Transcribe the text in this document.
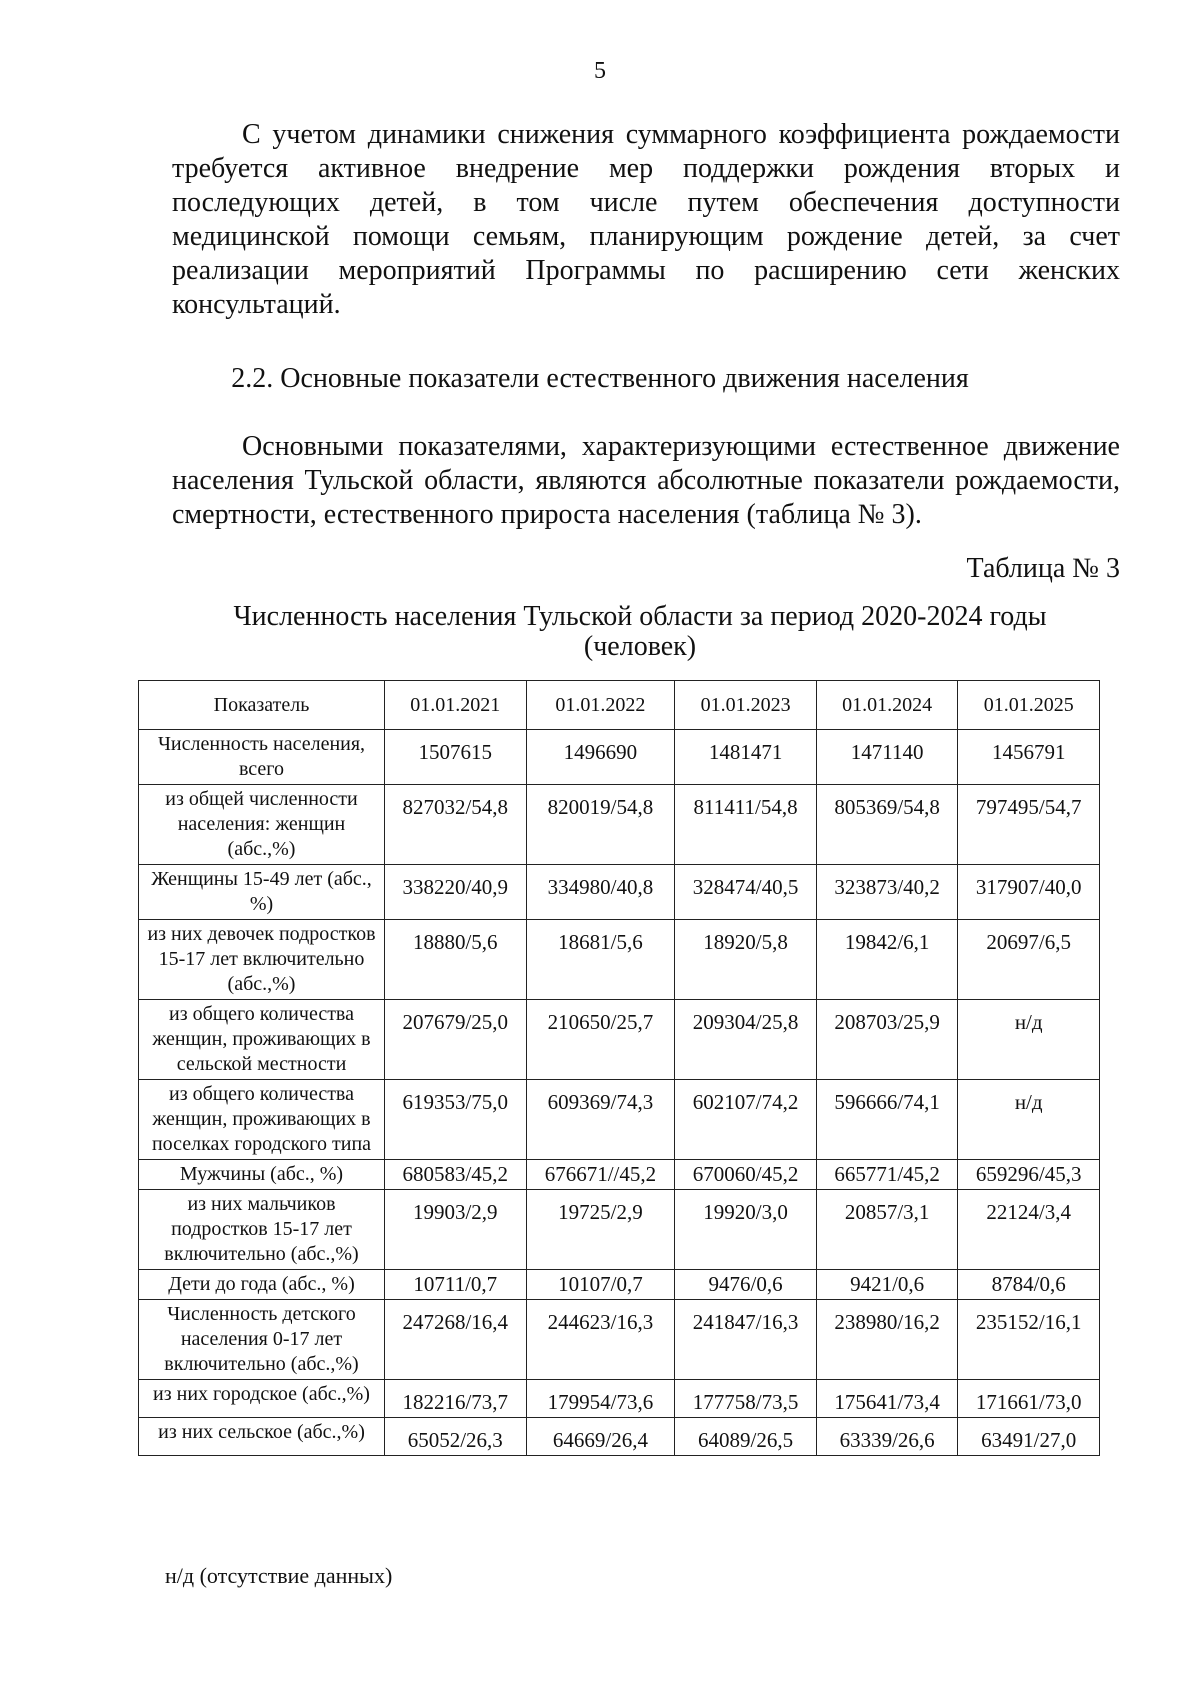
5

С учетом динамики снижения суммарного коэффициента рождаемости требуется активное внедрение мер поддержки рождения вторых и последующих детей, в том числе путем обеспечения доступности медицинской помощи семьям, планирующим рождение детей, за счет реализации мероприятий Программы по расширению сети женских консультаций.

2.2. Основные показатели естественного движения населения

Основными показателями, характеризующими естественное движение населения Тульской области, являются абсолютные показатели рождаемости, смертности, естественного прироста населения (таблица № 3).

Таблица № 3
Численность населения Тульской области за период 2020-2024 годы
(человек)
Показатель	01.01.2021	01.01.2022	01.01.2023	01.01.2024	01.01.2025
Численность населения, всего	1507615	1496690	1481471	1471140	1456791
из общей численности населения: женщин (абс.,%)	827032/54,8	820019/54,8	811411/54,8	805369/54,8	797495/54,7
Женщины 15-49 лет (абс., %)	338220/40,9	334980/40,8	328474/40,5	323873/40,2	317907/40,0
из них девочек подростков 15-17 лет включительно (абс.,%)	18880/5,6	18681/5,6	18920/5,8	19842/6,1	20697/6,5
из общего количества женщин, проживающих в сельской местности	207679/25,0	210650/25,7	209304/25,8	208703/25,9	н/д
из общего количества женщин, проживающих в поселках городского типа	619353/75,0	609369/74,3	602107/74,2	596666/74,1	н/д
Мужчины (абс., %)	680583/45,2	676671//45,2	670060/45,2	665771/45,2	659296/45,3
из них мальчиков подростков 15-17 лет включительно (абс.,%)	19903/2,9	19725/2,9	19920/3,0	20857/3,1	22124/3,4
Дети до года (абс., %)	10711/0,7	10107/0,7	9476/0,6	9421/0,6	8784/0,6
Численность детского населения 0-17 лет включительно (абс.,%)	247268/16,4	244623/16,3	241847/16,3	238980/16,2	235152/16,1
из них городское (абс.,%)	182216/73,7	179954/73,6	177758/73,5	175641/73,4	171661/73,0
из них сельское (абс.,%)	65052/26,3	64669/26,4	64089/26,5	63339/26,6	63491/27,0
н/д (отсутствие данных)
